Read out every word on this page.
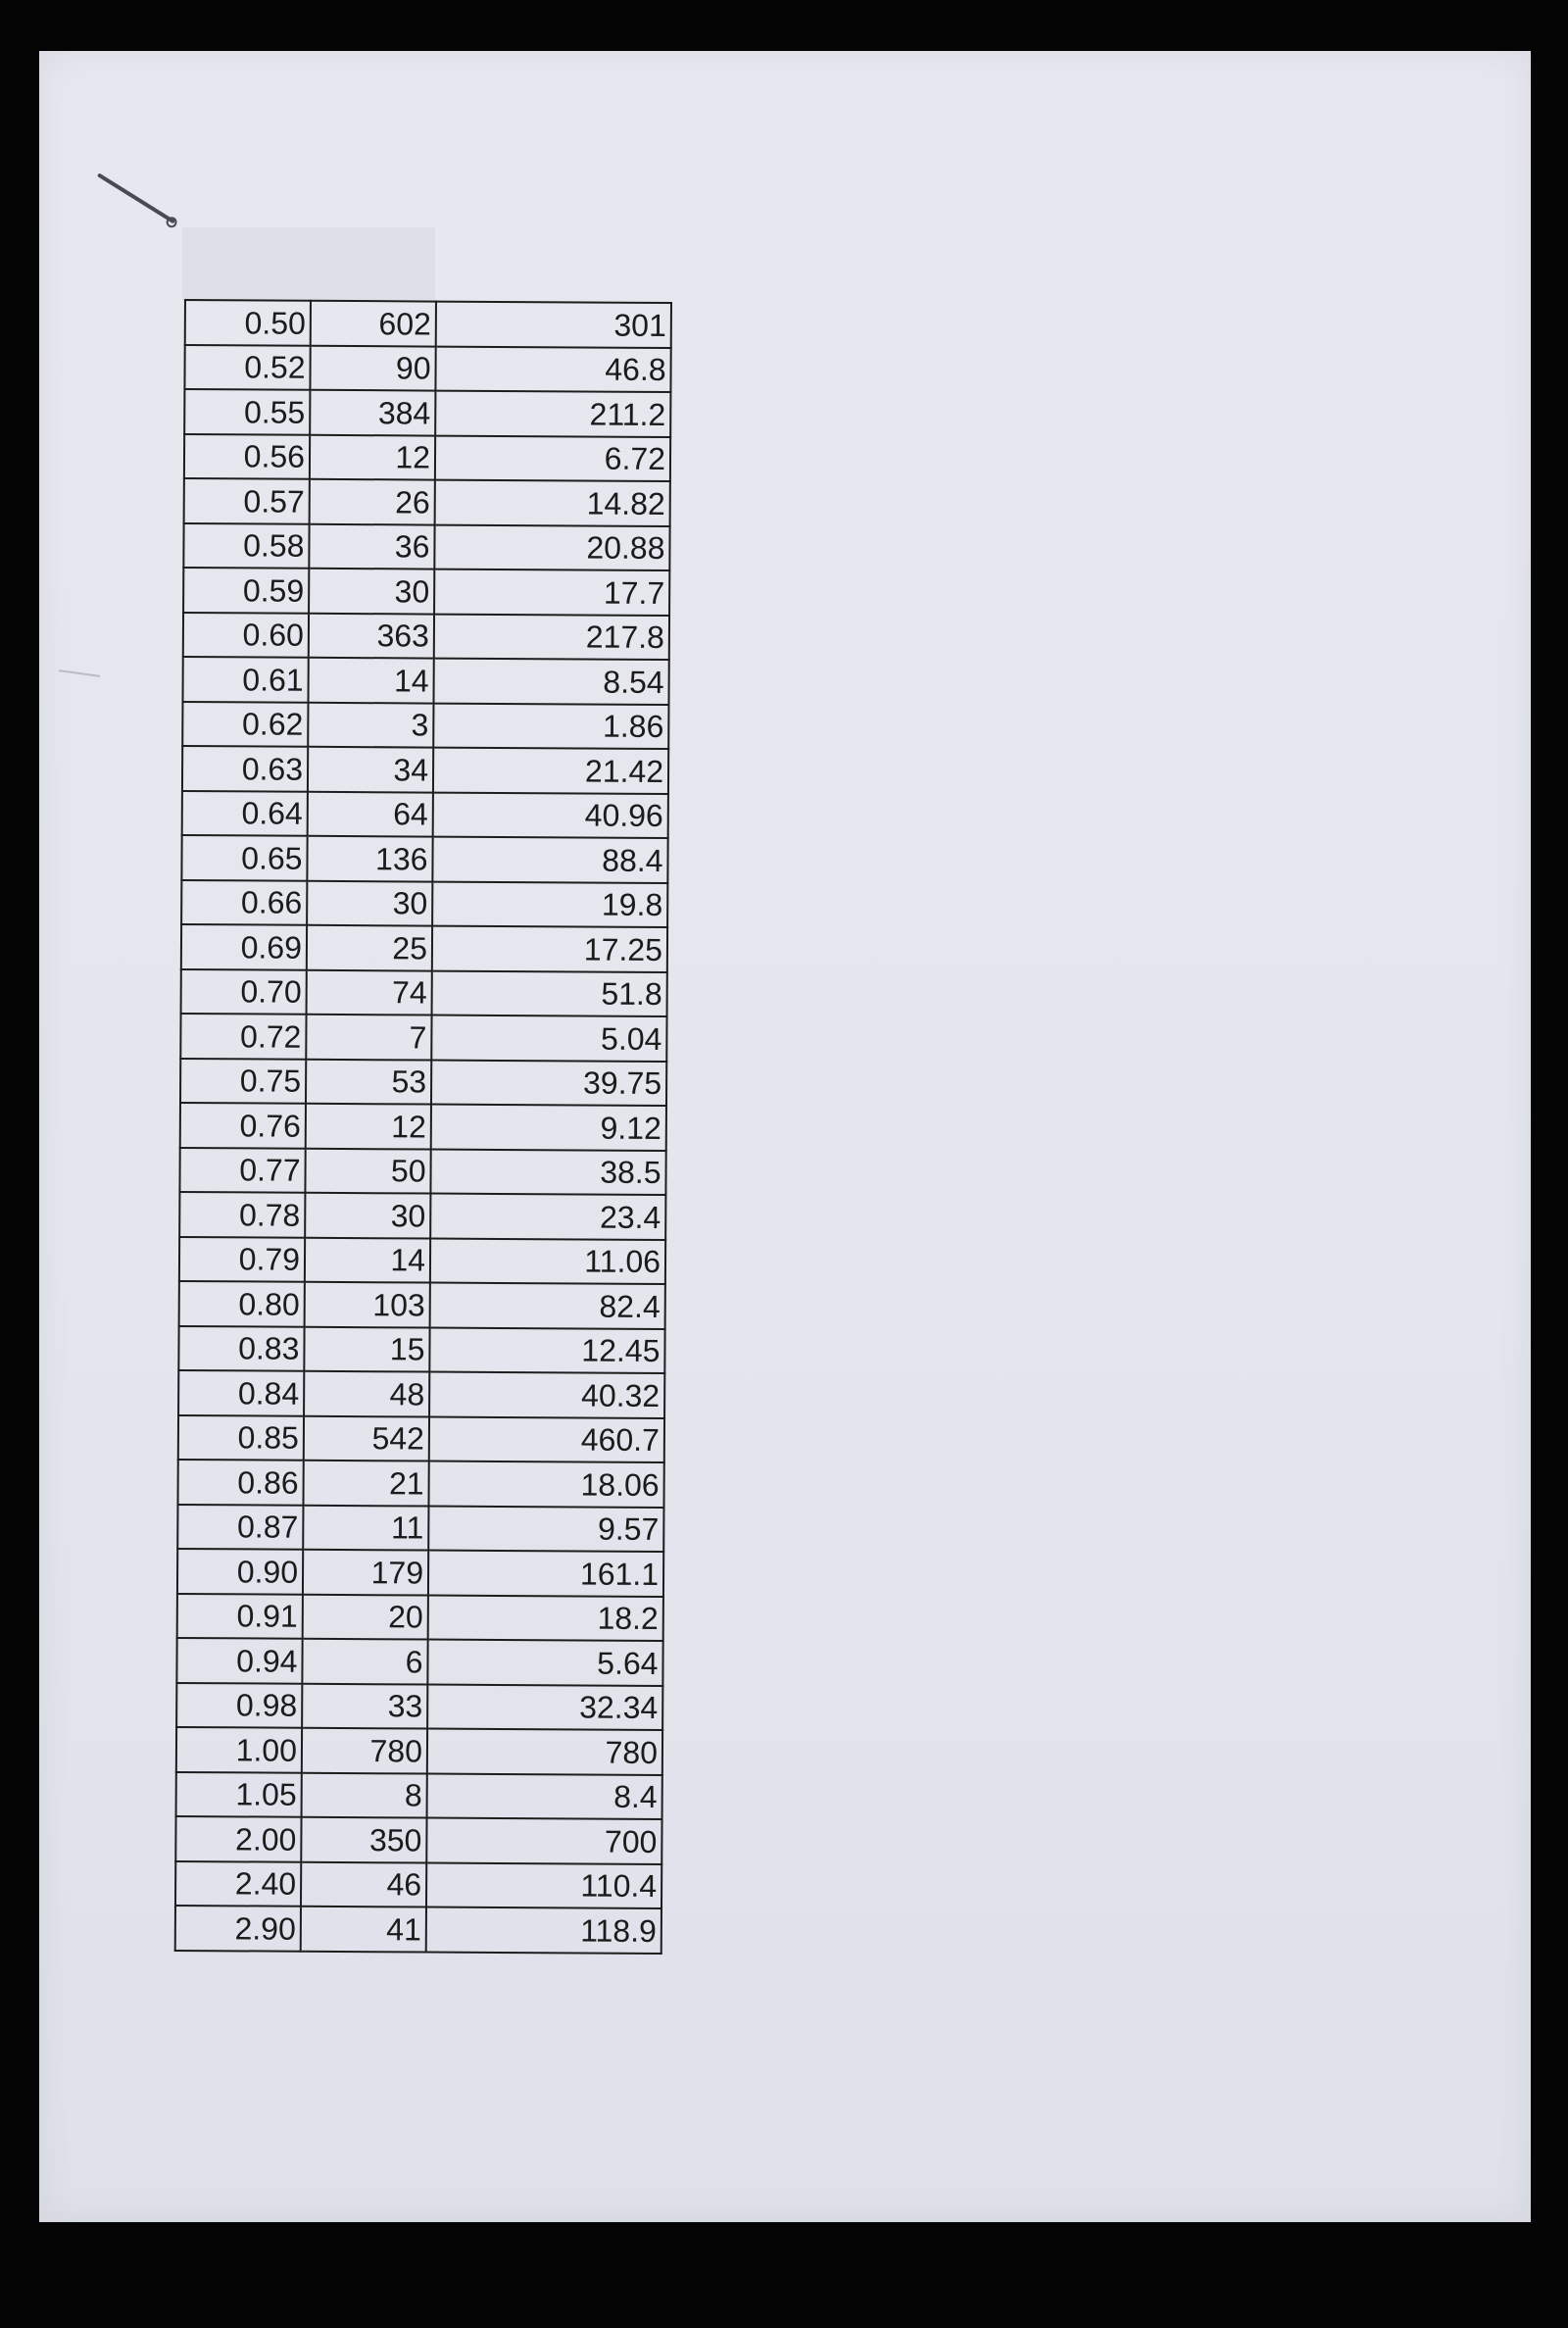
0.50	602	301
0.52	90	46.8
0.55	384	211.2
0.56	12	6.72
0.57	26	14.82
0.58	36	20.88
0.59	30	17.7
0.60	363	217.8
0.61	14	8.54
0.62	3	1.86
0.63	34	21.42
0.64	64	40.96
0.65	136	88.4
0.66	30	19.8
0.69	25	17.25
0.70	74	51.8
0.72	7	5.04
0.75	53	39.75
0.76	12	9.12
0.77	50	38.5
0.78	30	23.4
0.79	14	11.06
0.80	103	82.4
0.83	15	12.45
0.84	48	40.32
0.85	542	460.7
0.86	21	18.06
0.87	11	9.57
0.90	179	161.1
0.91	20	18.2
0.94	6	5.64
0.98	33	32.34
1.00	780	780
1.05	8	8.4
2.00	350	700
2.40	46	110.4
2.90	41	118.9
